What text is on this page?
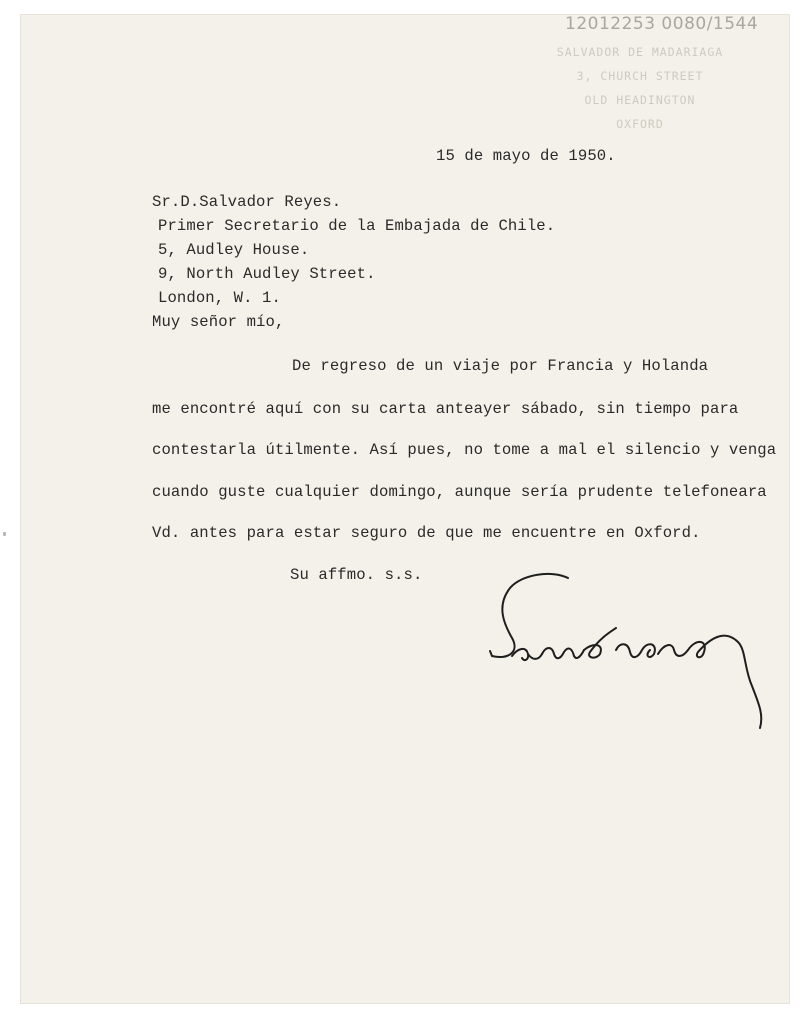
12012253 0080/1544
SALVADOR DE MADARIAGA
3, CHURCH STREET
OLD HEADINGTON
OXFORD
15 de mayo de 1950.
Sr.D.Salvador Reyes.
Primer Secretario de la Embajada de Chile.
5, Audley House.
9, North Audley Street.
London, W. 1.
Muy señor mío,
De regreso de un viaje por Francia y Holanda
me encontré aquí con su carta anteayer sábado, sin tiempo para
contestarla útilmente. Así pues, no tome a mal el silencio y venga
cuando guste cualquier domingo, aunque sería prudente telefoneara
Vd. antes para estar seguro de que me encuentre en Oxford.
Su affmo. s.s.
